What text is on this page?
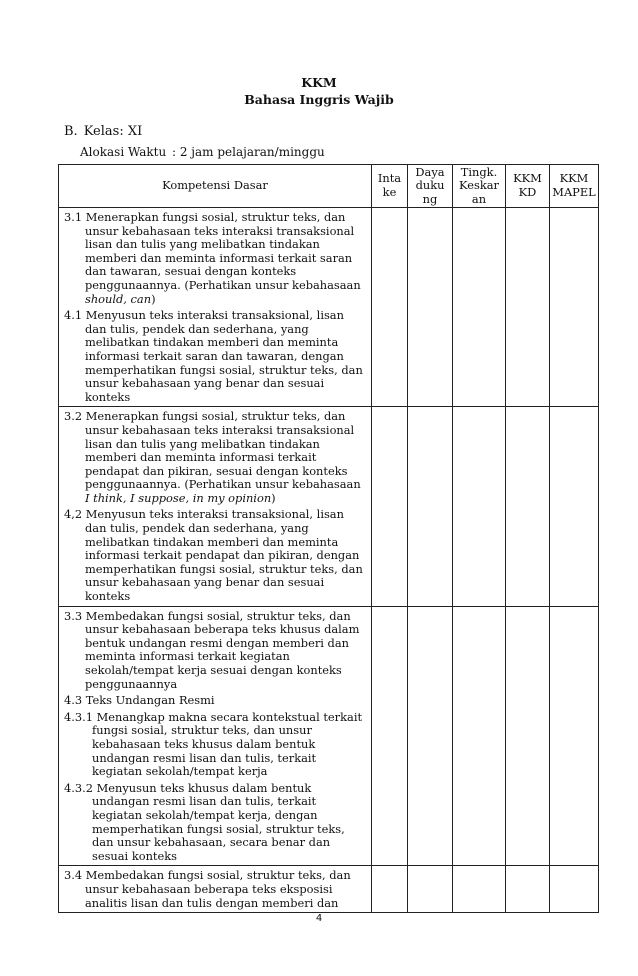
KKM
Bahasa Inggris Wajib
B. Kelas: XI
Alokasi Waktu : 2 jam pelajaran/minggu
Kompetensi Dasar	Inta ke	Daya duku ng	Tingk. Keskar an	KKM KD	KKM MAPEL

3.1 Menerapkan fungsi sosial, struktur teks, dan unsur kebahasaan teks interaksi transaksional lisan dan tulis yang melibatkan tindakan memberi dan meminta informasi terkait saran dan tawaran, sesuai dengan konteks penggunaannya. (Perhatikan unsur kebahasaan should, can)
4.1 Menyusun teks interaksi transaksional, lisan dan tulis, pendek dan sederhana, yang melibatkan tindakan memberi dan meminta informasi terkait saran dan tawaran, dengan memperhatikan fungsi sosial, struktur teks, dan unsur kebahasaan yang benar dan sesuai konteks					

3.2 Menerapkan fungsi sosial, struktur teks, dan unsur kebahasaan teks interaksi transaksional lisan dan tulis yang melibatkan tindakan memberi dan meminta informasi terkait pendapat dan pikiran, sesuai dengan konteks penggunaannya. (Perhatikan unsur kebahasaan I think, I suppose, in my opinion)
4,2 Menyusun teks interaksi transaksional, lisan dan tulis, pendek dan sederhana, yang melibatkan tindakan memberi dan meminta informasi terkait pendapat dan pikiran, dengan memperhatikan fungsi sosial, struktur teks, dan unsur kebahasaan yang benar dan sesuai konteks					

3.3 Membedakan fungsi sosial, struktur teks, dan unsur kebahasaan beberapa teks khusus dalam bentuk undangan resmi dengan memberi dan meminta informasi terkait kegiatan sekolah/tempat kerja sesuai dengan konteks penggunaannya
4.3 Teks Undangan Resmi
4.3.1 Menangkap makna secara kontekstual terkait fungsi sosial, struktur teks, dan unsur kebahasaan teks khusus dalam bentuk undangan resmi lisan dan tulis, terkait kegiatan sekolah/tempat kerja
4.3.2 Menyusun teks khusus dalam bentuk undangan resmi lisan dan tulis, terkait kegiatan sekolah/tempat kerja, dengan memperhatikan fungsi sosial, struktur teks, dan unsur kebahasaan, secara benar dan sesuai konteks					

3.4 Membedakan fungsi sosial, struktur teks, dan unsur kebahasaan beberapa teks eksposisi analitis lisan dan tulis dengan memberi dan					

4
